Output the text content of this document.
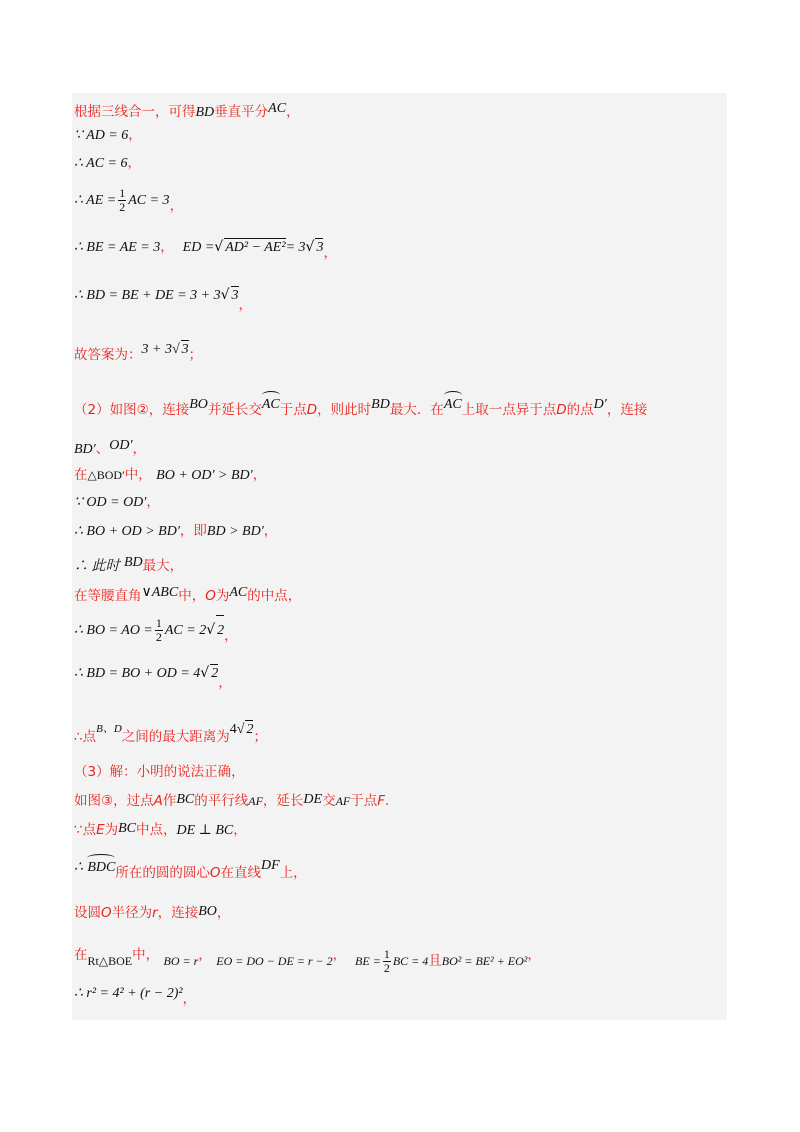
根据三线合一，可得BD垂直平分AC，
∵ AD = 6，
∴ AC = 6，
∴ AE = $\frac{1}{2}$ AC = 3，
∴ BE = AE = 3， ED =√ AD² − AE²= 3√ 3，
∴ BD = BE + DE = 3 + 3√ 3，
故答案为：3 + 3√ 3；
（2）如图②，连接BO并延长交AC于点D，则此时BD最大．在AC上取一点异于点D的点D′，连接
BD′、OD′，
在△BOD′中， BO + OD′ > BD′，
∵ OD = OD′，
∴ BO + OD > BD′，即BD > BD′，
∴ 此时 BD最大，
在等腰直角∨ABC中，O为AC的中点，
∴ BO = AO = $\frac{1}{2}$ AC = 2√ 2，
∴ BD = BO + OD = 4√ 2，
∴点$^{B、D}$之间的最大距离为4√ 2；
（3）解：小明的说法正确，
如图③，过点A作BC的平行线AF，延长DE交AF于点F.
∵点E为BC中点，DE ⊥ BC，
∴ BDC所在的圆的圆心O在直线DF上，
设圆O半径为r，连接BO，
在Rt△BOE中， BO = r， EO = DO − DE = r − 2， BE = $\frac{1}{2}$ BC = 4且BO² = BE² + EO²，
∴ r² = 4² + (r − 2)²，
